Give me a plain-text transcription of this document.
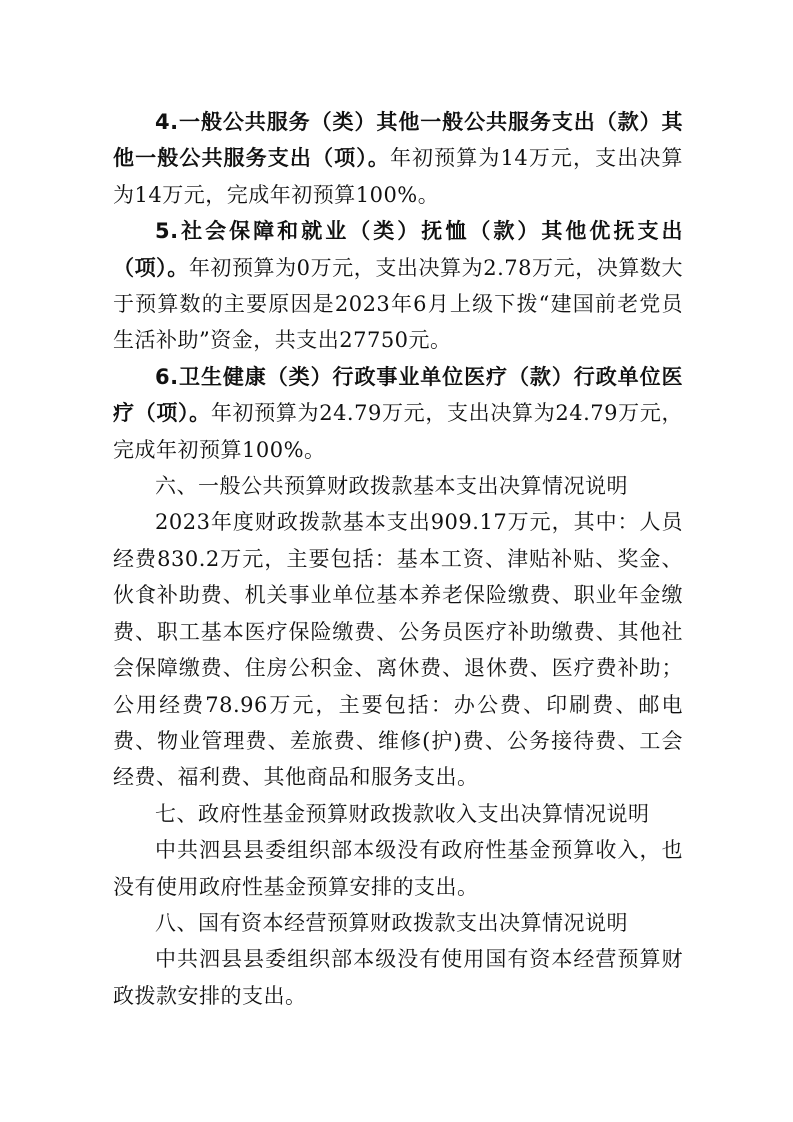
4.一般公共服务（类）其他一般公共服务支出（款）其他一般公共服务支出（项）。年初预算为14万元，支出决算为14万元，完成年初预算100%。

5.社会保障和就业（类）抚恤（款）其他优抚支出（项）。年初预算为0万元，支出决算为2.78万元，决算数大于预算数的主要原因是2023年6月上级下拨“建国前老党员生活补助”资金，共支出27750元。

6.卫生健康（类）行政事业单位医疗（款）行政单位医疗（项）。年初预算为24.79万元，支出决算为24.79万元，完成年初预算100%。

六、一般公共预算财政拨款基本支出决算情况说明

2023年度财政拨款基本支出909.17万元，其中：人员经费830.2万元，主要包括：基本工资、津贴补贴、奖金、伙食补助费、机关事业单位基本养老保险缴费、职业年金缴费、职工基本医疗保险缴费、公务员医疗补助缴费、其他社会保障缴费、住房公积金、离休费、退休费、医疗费补助；公用经费78.96万元，主要包括：办公费、印刷费、邮电费、物业管理费、差旅费、维修(护)费、公务接待费、工会经费、福利费、其他商品和服务支出。

七、政府性基金预算财政拨款收入支出决算情况说明

中共泗县县委组织部本级没有政府性基金预算收入，也没有使用政府性基金预算安排的支出。

八、国有资本经营预算财政拨款支出决算情况说明

中共泗县县委组织部本级没有使用国有资本经营预算财政拨款安排的支出。
